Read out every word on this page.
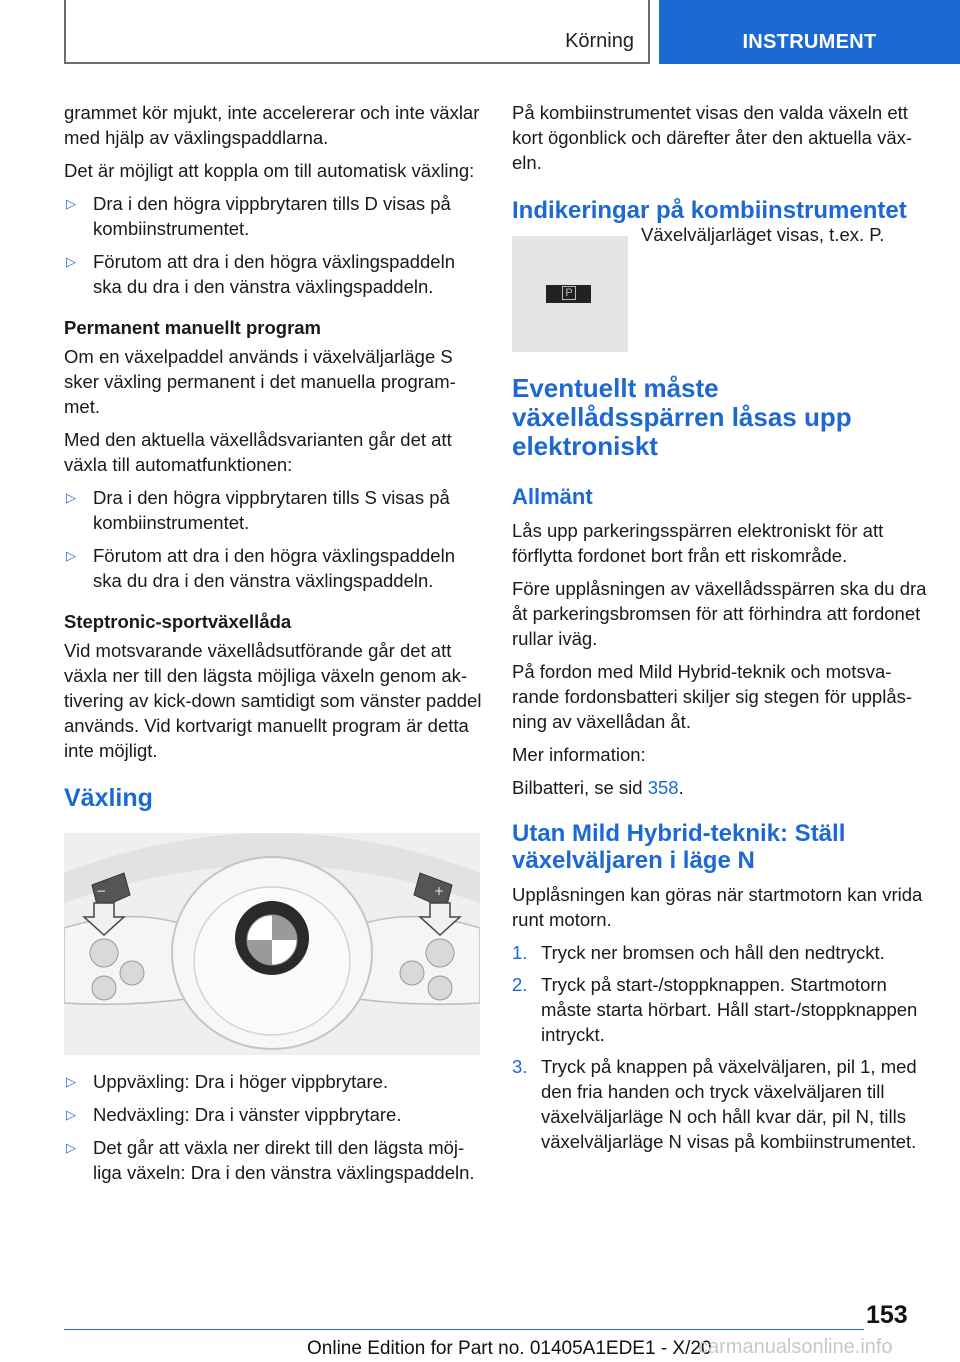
Körning	INSTRUMENT

grammet kör mjukt, inte accelererar och inte växlar med hjälp av växlingspaddlarna.

Det är möjligt att koppla om till automatisk växling:

▷ Dra i den högra vippbrytaren tills D visas på kombiinstrumentet.
▷ Förutom att dra i den högra växlingspaddeln ska du dra i den vänstra växlingspaddeln.
Permanent manuellt program

Om en växelpaddel används i växelväljarläge S sker växling permanent i det manuella programmet.

Med den aktuella växellådsvarianten går det att växla till automatfunktionen:

▷ Dra i den högra vippbrytaren tills S visas på kombiinstrumentet.
▷ Förutom att dra i den högra växlingspaddeln ska du dra i den vänstra växlingspaddeln.
Steptronic-sportväxellåda

Vid motsvarande växellådsutförande går det att växla ner till den lägsta möjliga växeln genom aktivering av kick-down samtidigt som vänster paddel används. Vid kortvarigt manuellt program är detta inte möjligt.

Växling
−	+
▷ Uppväxling: Dra i höger vippbrytare.
▷ Nedväxling: Dra i vänster vippbrytare.
▷ Det går att växla ner direkt till den lägsta möjliga växeln: Dra i den vänstra växlingspaddeln.

På kombiinstrumentet visas den valda växeln ett kort ögonblick och därefter åter den aktuella växeln.

Indikeringar på kombiinstrumentet
P
Växelväljarläget visas, t.ex. P.
Eventuellt måste växellådsspärren låsas upp elektroniskt
Allmänt

Lås upp parkeringsspärren elektroniskt för att förflytta fordonet bort från ett riskområde.

Före upplåsningen av växellådsspärren ska du dra åt parkeringsbromsen för att förhindra att fordonet rullar iväg.

På fordon med Mild Hybrid-teknik och motsvarande fordonsbatteri skiljer sig stegen för upplåsning av växellådan åt.

Mer information:

Bilbatteri, se sid 358.

Utan Mild Hybrid-teknik: Ställ växelväljaren i läge N

Upplåsningen kan göras när startmotorn kan vrida runt motorn.

1. Tryck ner bromsen och håll den nedtryckt.
2. Tryck på start-/stoppknappen. Startmotorn måste starta hörbart. Håll start-/stoppknappen intryckt.
3. Tryck på knappen på växelväljaren, pil 1, med den fria handen och tryck växelväljaren till växelväljarläge N och håll kvar där, pil N, tills växelväljarläge N visas på kombiinstrumentet.
153
Online Edition for Part no. 01405A1EDE1 - X/20
carmanualsonline.info
